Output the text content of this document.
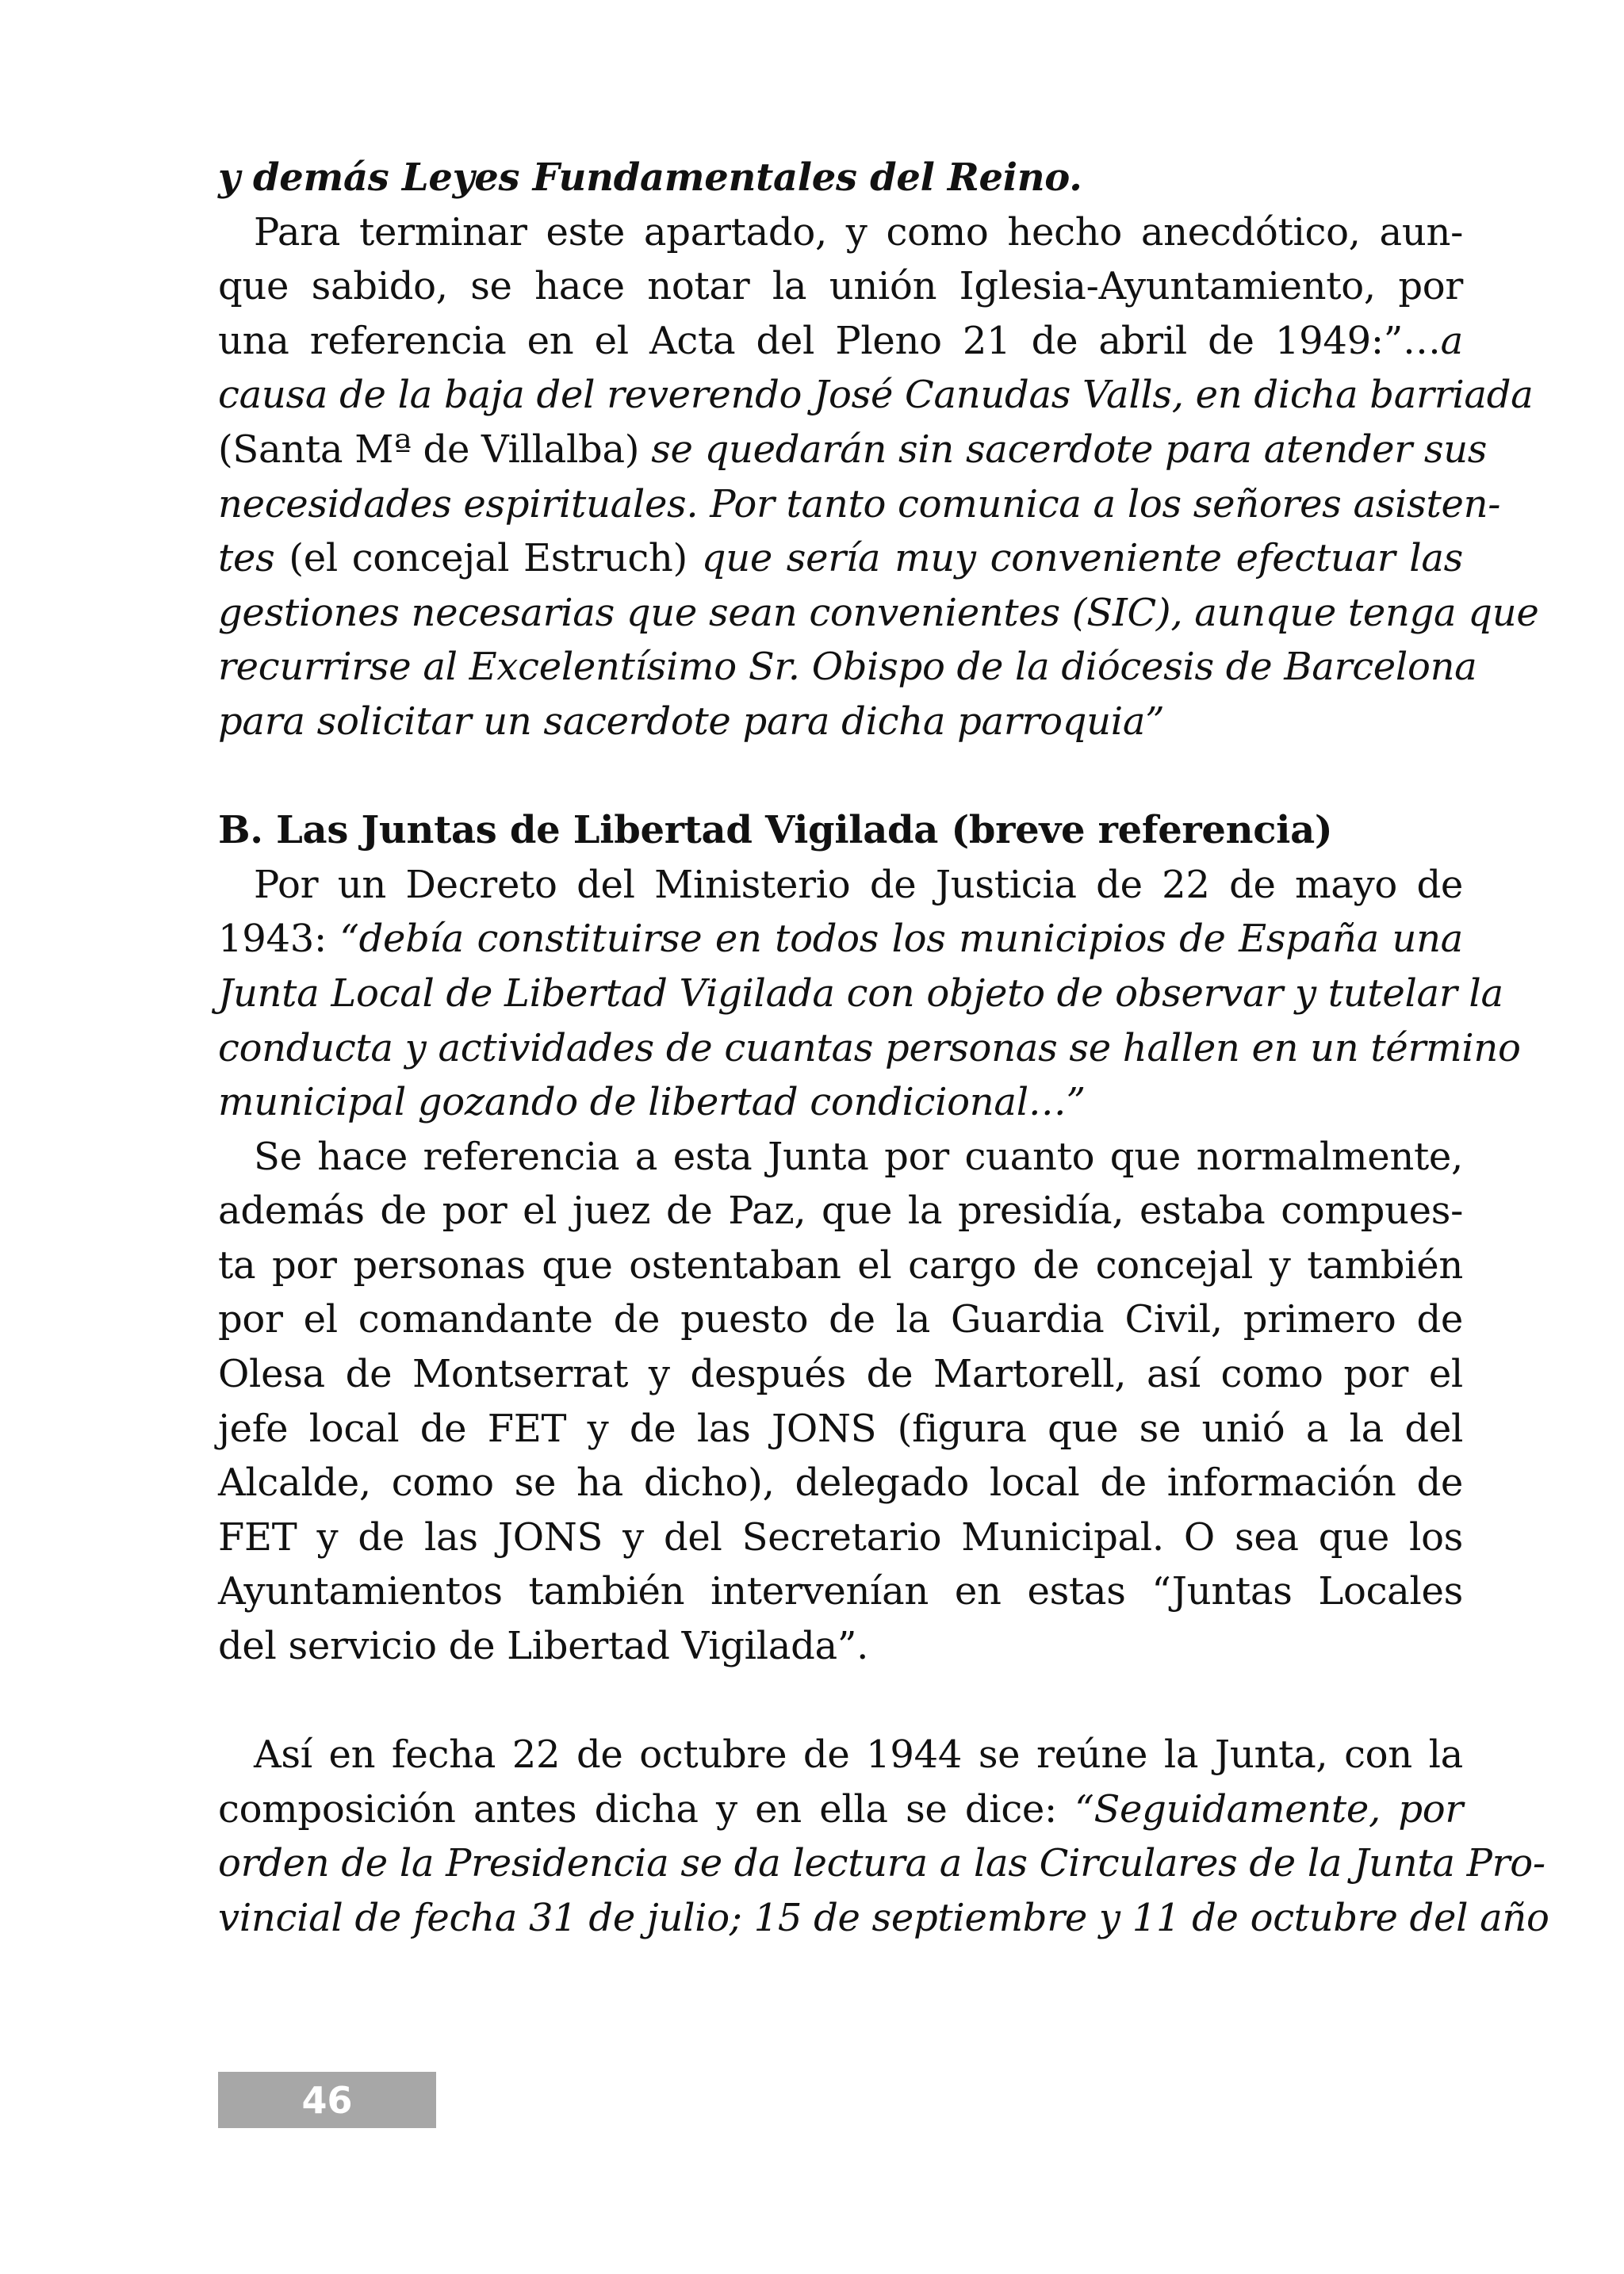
y demás Leyes Fundamentales del Reino.
Para terminar este apartado, y como hecho anecdótico, aun-
que sabido, se hace notar la unión Iglesia-Ayuntamiento, por
una referencia en el Acta del Pleno 21 de abril de 1949:”…a
causa de la baja del reverendo José Canudas Valls, en dicha barriada
(Santa Mª de Villalba) se quedarán sin sacerdote para atender sus
necesidades espirituales. Por tanto comunica a los señores asisten-
tes (el concejal Estruch) que sería muy conveniente efectuar las
gestiones necesarias que sean convenientes (SIC), aunque tenga que
recurrirse al Excelentísimo Sr. Obispo de la diócesis de Barcelona
para solicitar un sacerdote para dicha parroquia”
B. Las Juntas de Libertad Vigilada (breve referencia)
Por un Decreto del Ministerio de Justicia de 22 de mayo de
1943: “debía constituirse en todos los municipios de España una
Junta Local de Libertad Vigilada con objeto de observar y tutelar la
conducta y actividades de cuantas personas se hallen en un término
municipal gozando de libertad condicional…”
Se hace referencia a esta Junta por cuanto que normalmente,
además de por el juez de Paz, que la presidía, estaba compues-
ta por personas que ostentaban el cargo de concejal y también
por el comandante de puesto de la Guardia Civil, primero de
Olesa de Montserrat y después de Martorell, así como por el
jefe local de FET y de las JONS (figura que se unió a la del
Alcalde, como se ha dicho), delegado local de información de
FET y de las JONS y del Secretario Municipal. O sea que los
Ayuntamientos también intervenían en estas “Juntas Locales
del servicio de Libertad Vigilada”.
Así en fecha 22 de octubre de 1944 se reúne la Junta, con la
composición antes dicha y en ella se dice: “Seguidamente, por
orden de la Presidencia se da lectura a las Circulares de la Junta Pro-
vincial de fecha 31 de julio; 15 de septiembre y 11 de octubre del año
46
